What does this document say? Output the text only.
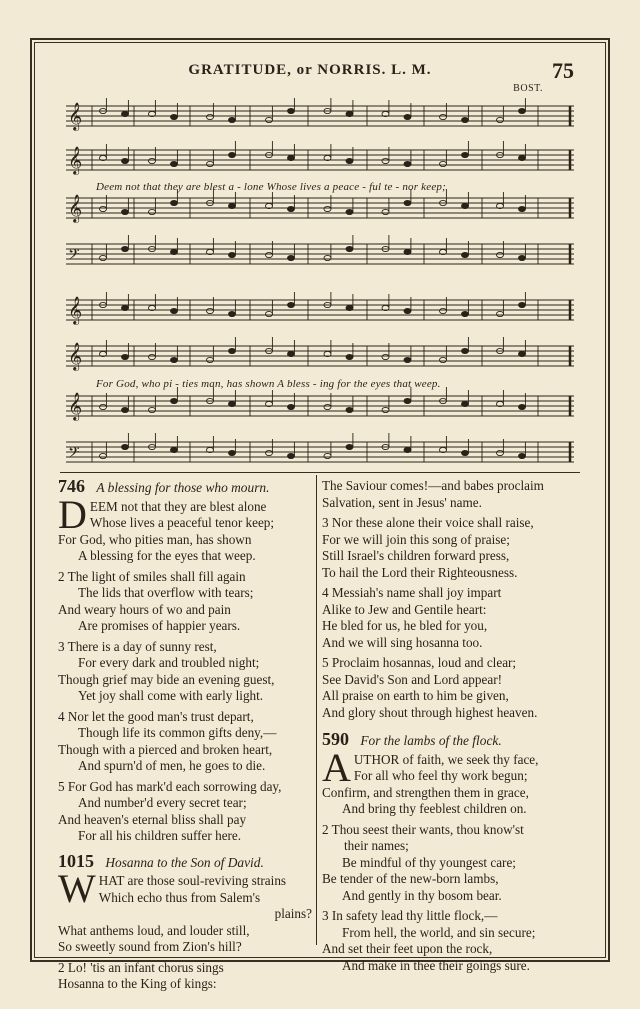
GRATITUDE, or NORRIS. L. M.	75
BOST.
𝄞
𝄞
𝄞
𝄢
Deem not that they are blest a - lone Whose lives a peace - ful te - nor keep;
𝄞
𝄞
𝄞
𝄢
For God, who pi - ties man, has shown A bless - ing for the eyes that weep.
746 A blessing for those who mourn.
D EEM not that they are blest alone
Whose lives a peaceful tenor keep;
For God, who pities man, has shown
A blessing for the eyes that weep.
2 The light of smiles shall fill again
The lids that overflow with tears;
And weary hours of wo and pain
Are promises of happier years.
3 There is a day of sunny rest,
For every dark and troubled night;
Though grief may bide an evening guest,
Yet joy shall come with early light.
4 Nor let the good man's trust depart,
Though life its common gifts deny,—
Though with a pierced and broken heart,
And spurn'd of men, he goes to die.
5 For God has mark'd each sorrowing day,
And number'd every secret tear;
And heaven's eternal bliss shall pay
For all his children suffer here.
1015 Hosanna to the Son of David.
W HAT are those soul-reviving strains
Which echo thus from Salem's
plains?
What anthems loud, and louder still,
So sweetly sound from Zion's hill?
2 Lo! 'tis an infant chorus sings
Hosanna to the King of kings:
The Saviour comes!—and babes proclaim
Salvation, sent in Jesus' name.
3 Nor these alone their voice shall raise,
For we will join this song of praise;
Still Israel's children forward press,
To hail the Lord their Righteousness.
4 Messiah's name shall joy impart
Alike to Jew and Gentile heart:
He bled for us, he bled for you,
And we will sing hosanna too.
5 Proclaim hosannas, loud and clear;
See David's Son and Lord appear!
All praise on earth to him be given,
And glory shout through highest heaven.
590 For the lambs of the flock.
A UTHOR of faith, we seek thy face,
For all who feel thy work begun;
Confirm, and strengthen them in grace,
And bring thy feeblest children on.
2 Thou seest their wants, thou know'st
their names;
Be mindful of thy youngest care;
Be tender of the new-born lambs,
And gently in thy bosom bear.
3 In safety lead thy little flock,—
From hell, the world, and sin secure;
And set their feet upon the rock,
And make in thee their goings sure.
